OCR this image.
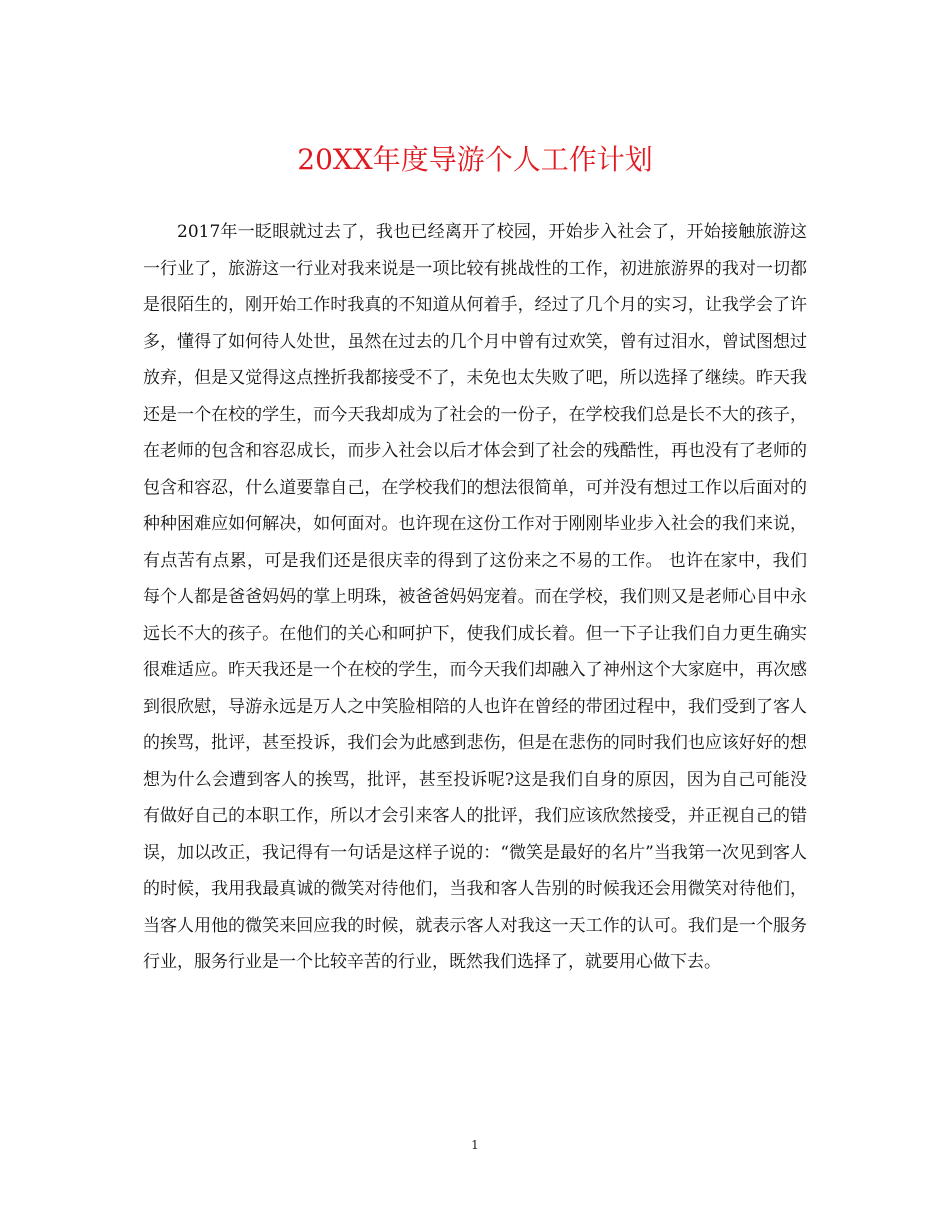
20XX年度导游个人工作计划

2017年一眨眼就过去了，我也已经离开了校园，开始步入社会了，开始接触旅游这一行业了，旅游这一行业对我来说是一项比较有挑战性的工作，初进旅游界的我对一切都是很陌生的，刚开始工作时我真的不知道从何着手，经过了几个月的实习，让我学会了许多，懂得了如何待人处世，虽然在过去的几个月中曾有过欢笑，曾有过泪水，曾试图想过放弃，但是又觉得这点挫折我都接受不了，未免也太失败了吧，所以选择了继续。昨天我还是一个在校的学生，而今天我却成为了社会的一份子，在学校我们总是长不大的孩子，在老师的包含和容忍成长，而步入社会以后才体会到了社会的残酷性，再也没有了老师的包含和容忍，什么道要靠自己，在学校我们的想法很简单，可并没有想过工作以后面对的种种困难应如何解决，如何面对。也许现在这份工作对于刚刚毕业步入社会的我们来说，有点苦有点累，可是我们还是很庆幸的得到了这份来之不易的工作。 也许在家中，我们每个人都是爸爸妈妈的掌上明珠，被爸爸妈妈宠着。而在学校，我们则又是老师心目中永远长不大的孩子。在他们的关心和呵护下，使我们成长着。但一下子让我们自力更生确实很难适应。昨天我还是一个在校的学生，而今天我们却融入了神州这个大家庭中，再次感到很欣慰，导游永远是万人之中笑脸相陪的人也许在曾经的带团过程中，我们受到了客人的挨骂，批评，甚至投诉，我们会为此感到悲伤，但是在悲伤的同时我们也应该好好的想想为什么会遭到客人的挨骂，批评，甚至投诉呢?这是我们自身的原因，因为自己可能没有做好自己的本职工作，所以才会引来客人的批评，我们应该欣然接受，并正视自己的错误，加以改正，我记得有一句话是这样子说的：“微笑是最好的名片”当我第一次见到客人的时候，我用我最真诚的微笑对待他们，当我和客人告别的时候我还会用微笑对待他们，当客人用他的微笑来回应我的时候，就表示客人对我这一天工作的认可。我们是一个服务行业，服务行业是一个比较辛苦的行业，既然我们选择了，就要用心做下去。

1
